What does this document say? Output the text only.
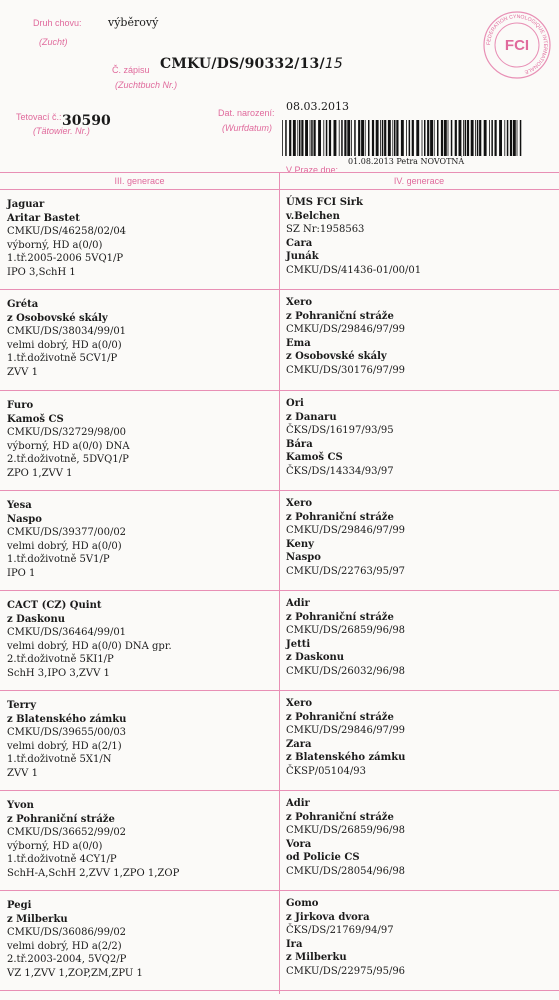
Druh chovu:
(Zucht)
výběrový
CMKU/DS/90332/13/15
Č. zápisu
(Zuchtbuch Nr.)
Tetovací č.:
(Tätowier. Nr.)
30590	Dat. narození:
(Wurfdatum)
08.03.2013
01.08.2013 Petra NOVOTNÁ
V Praze dne:
FEDERATION CYNOLOGIQUE INTERNATIONALE
FCI
III. generace	IV. generace
Jaguar
Aritar Bastet
CMKU/DS/46258/02/04
výborný, HD a(0/0)
1.tř.2005-2006 5VQ1/P
IPO 3,SchH 1
ÚMS FCI Sirk
v.Belchen
SZ Nr:1958563
Cara
Junák
CMKU/DS/41436-01/00/01
Gréta
z Osobovské skály
CMKU/DS/38034/99/01
velmi dobrý, HD a(0/0)
1.tř.doživotně 5CV1/P
ZVV 1
Xero
z Pohraniční stráže
CMKU/DS/29846/97/99
Ema
z Osobovské skály
CMKU/DS/30176/97/99
Furo
Kamoš CS
CMKU/DS/32729/98/00
výborný, HD a(0/0) DNA
2.tř.doživotně, 5DVQ1/P
ZPO 1,ZVV 1
Ori
z Danaru
ČKS/DS/16197/93/95
Bára
Kamoš CS
ČKS/DS/14334/93/97
Yesa
Naspo
CMKU/DS/39377/00/02
velmi dobrý, HD a(0/0)
1.tř.doživotně 5V1/P
IPO 1
Xero
z Pohraniční stráže
CMKU/DS/29846/97/99
Keny
Naspo
CMKU/DS/22763/95/97
CACT (CZ) Quint
z Daskonu
CMKU/DS/36464/99/01
velmi dobrý, HD a(0/0) DNA gpr.
2.tř.doživotně 5KI1/P
SchH 3,IPO 3,ZVV 1
Adir
z Pohraniční stráže
CMKU/DS/26859/96/98
Jetti
z Daskonu
CMKU/DS/26032/96/98
Terry
z Blatenského zámku
CMKU/DS/39655/00/03
velmi dobrý, HD a(2/1)
1.tř.doživotně 5X1/N
ZVV 1
Xero
z Pohraniční stráže
CMKU/DS/29846/97/99
Zara
z Blatenského zámku
ČKSP/05104/93
Yvon
z Pohraniční stráže
CMKU/DS/36652/99/02
výborný, HD a(0/0)
1.tř.doživotně 4CY1/P
SchH-A,SchH 2,ZVV 1,ZPO 1,ZOP
Adir
z Pohraniční stráže
CMKU/DS/26859/96/98
Vora
od Policie CS
CMKU/DS/28054/96/98
Pegi
z Milberku
CMKU/DS/36086/99/02
velmi dobrý, HD a(2/2)
2.tř.2003-2004, 5VQ2/P
VZ 1,ZVV 1,ZOP,ZM,ZPU 1
Gomo
z Jirkova dvora
ČKS/DS/21769/94/97
Ira
z Milberku
CMKU/DS/22975/95/96
